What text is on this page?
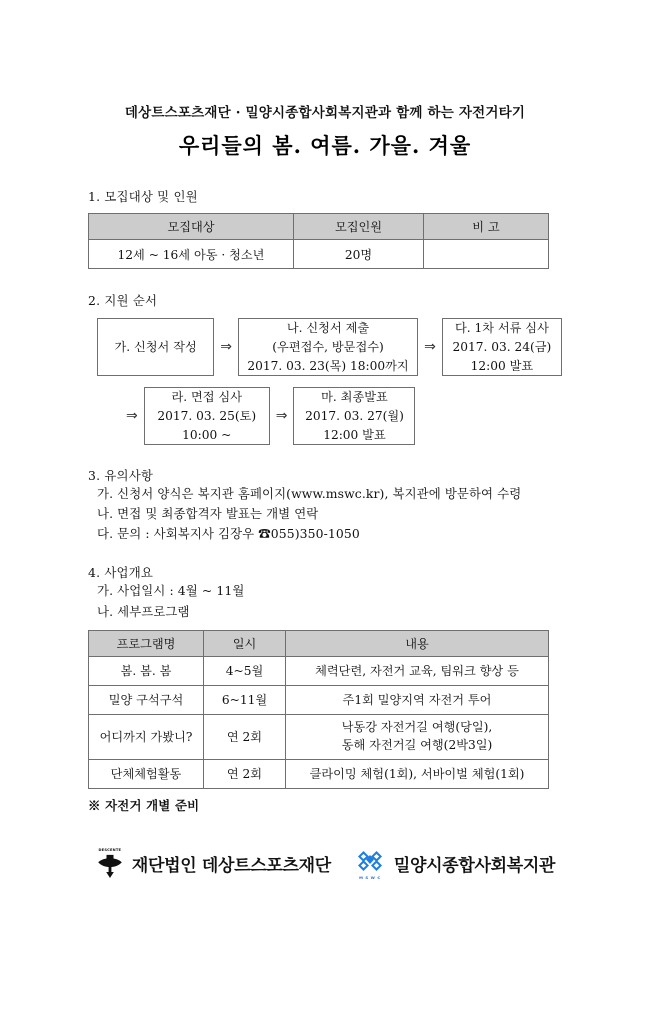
데상트스포츠재단 · 밀양시종합사회복지관과 함께 하는 자전거타기
우리들의 봄. 여름. 가을. 겨울
1. 모집대상 및 인원
모집대상	모집인원	비 고
12세 ~ 16세 아동 · 청소년	20명	
2. 지원 순서
가. 신청서 작성	⇒
나. 신청서 제출
(우편접수, 방문접수)
2017. 03. 23(목) 18:00까지
⇒
다. 1차 서류 심사
2017. 03. 24(금)
12:00 발표
⇒
라. 면접 심사
2017. 03. 25(토)
10:00 ~
⇒
마. 최종발표
2017. 03. 27(월)
12:00 발표
3. 유의사항
가. 신청서 양식은 복지관 홈페이지(www.mswc.kr), 복지관에 방문하여 수령
나. 면접 및 최종합격자 발표는 개별 연락
다. 문의 : 사회복지사 김장우 ☎055)350-1050
4. 사업개요
가. 사업일시 : 4월 ~ 11월
나. 세부프로그램
프로그램명	일시	내용
봄. 봄. 봄	4~5월	체력단련, 자전거 교육, 팀워크 향상 등
밀양 구석구석	6~11월	주1회 밀양지역 자전거 투어
어디까지 가봤니?	연 2회	낙동강 자전거길 여행(당일),
동해 자전거길 여행(2박3일)

단체체험활동	연 2회	클라이밍 체험(1회), 서바이벌 체험(1회)
※ 자전거 개별 준비
DESCENTE
재단법인 데상트스포츠재단
M S W C
밀양시종합사회복지관
